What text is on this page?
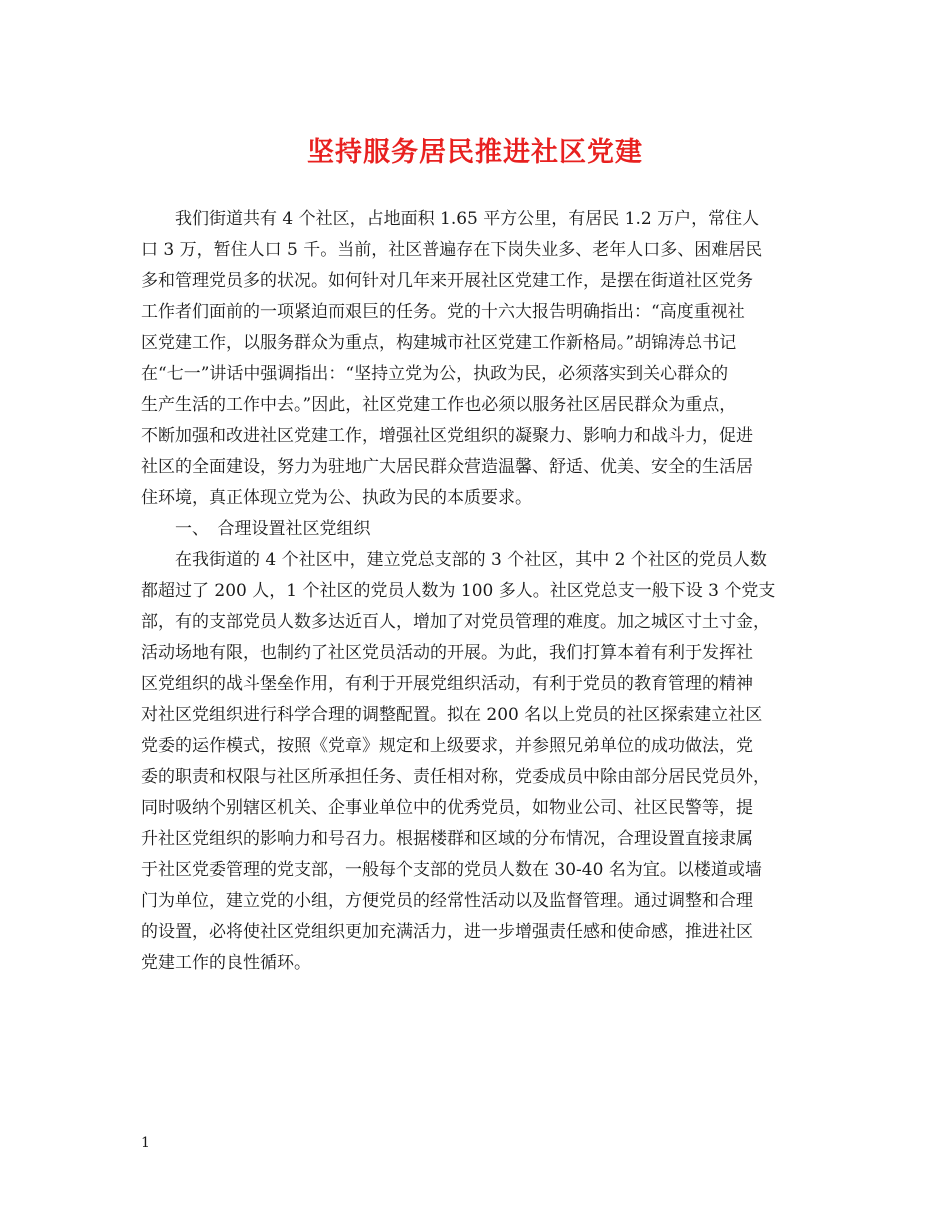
坚持服务居民推进社区党建
　　我们街道共有 4 个社区，占地面积 1.65 平方公里，有居民 1.2 万户，常住人
口 3 万，暂住人口 5 千。当前，社区普遍存在下岗失业多、老年人口多、困难居民
多和管理党员多的状况。如何针对几年来开展社区党建工作，是摆在街道社区党务
工作者们面前的一项紧迫而艰巨的任务。党的十六大报告明确指出：“高度重视社
区党建工作，以服务群众为重点，构建城市社区党建工作新格局。”胡锦涛总书记
在“七一”讲话中强调指出：“坚持立党为公，执政为民，必须落实到关心群众的
生产生活的工作中去。”因此，社区党建工作也必须以服务社区居民群众为重点，
不断加强和改进社区党建工作，增强社区党组织的凝聚力、影响力和战斗力，促进
社区的全面建设，努力为驻地广大居民群众营造温馨、舒适、优美、安全的生活居
住环境，真正体现立党为公、执政为民的本质要求。
　　一、　合理设置社区党组织
　　在我街道的 4 个社区中，建立党总支部的 3 个社区，其中 2 个社区的党员人数
都超过了 200 人，1 个社区的党员人数为 100 多人。社区党总支一般下设 3 个党支
部，有的支部党员人数多达近百人，增加了对党员管理的难度。加之城区寸土寸金，
活动场地有限，也制约了社区党员活动的开展。为此，我们打算本着有利于发挥社
区党组织的战斗堡垒作用，有利于开展党组织活动，有利于党员的教育管理的精神
对社区党组织进行科学合理的调整配置。拟在 200 名以上党员的社区探索建立社区
党委的运作模式，按照《党章》规定和上级要求，并参照兄弟单位的成功做法，党
委的职责和权限与社区所承担任务、责任相对称，党委成员中除由部分居民党员外，
同时吸纳个别辖区机关、企事业单位中的优秀党员，如物业公司、社区民警等，提
升社区党组织的影响力和号召力。根据楼群和区域的分布情况，合理设置直接隶属
于社区党委管理的党支部，一般每个支部的党员人数在 30-40 名为宜。以楼道或墙
门为单位，建立党的小组，方便党员的经常性活动以及监督管理。通过调整和合理
的设置，必将使社区党组织更加充满活力，进一步增强责任感和使命感，推进社区
党建工作的良性循环。
1
